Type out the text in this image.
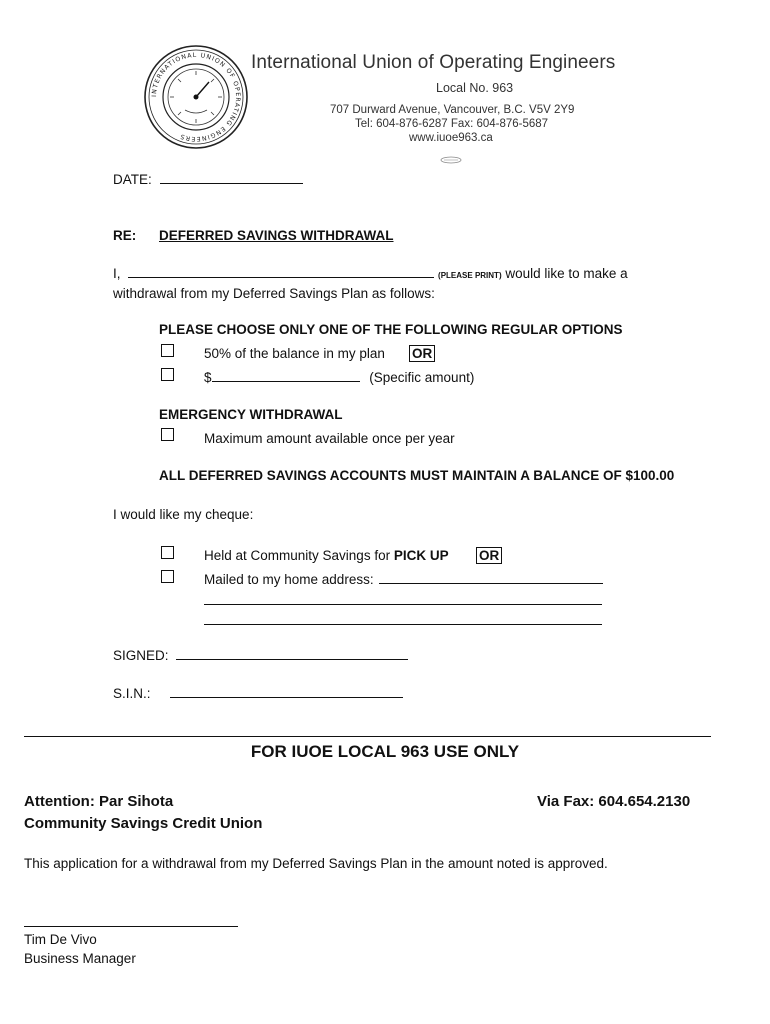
INTERNATIONAL UNION OF OPERATING ENGINEERS
International Union of Operating Engineers
Local No. 963
707 Durward Avenue, Vancouver, B.C. V5V 2Y9
Tel: 604-876-6287 Fax: 604-876-5687
www.iuoe963.ca
DATE:
RE: DEFERRED SAVINGS WITHDRAWAL
I,	(PLEASE PRINT) would like to make a
withdrawal from my Deferred Savings Plan as follows:
PLEASE CHOOSE ONLY ONE OF THE FOLLOWING REGULAR OPTIONS
50% of the balance in my plan OR
$	(Specific amount)
EMERGENCY WITHDRAWAL
Maximum amount available once per year
ALL DEFERRED SAVINGS ACCOUNTS MUST MAINTAIN A BALANCE OF $100.00
I would like my cheque:
Held at Community Savings for PICK UP OR
Mailed to my home address:
SIGNED:
S.I.N.:
FOR IUOE LOCAL 963 USE ONLY
Attention: Par Sihota	Via Fax: 604.654.2130
Community Savings Credit Union
This application for a withdrawal from my Deferred Savings Plan in the amount noted is approved.
Tim De Vivo
Business Manager
